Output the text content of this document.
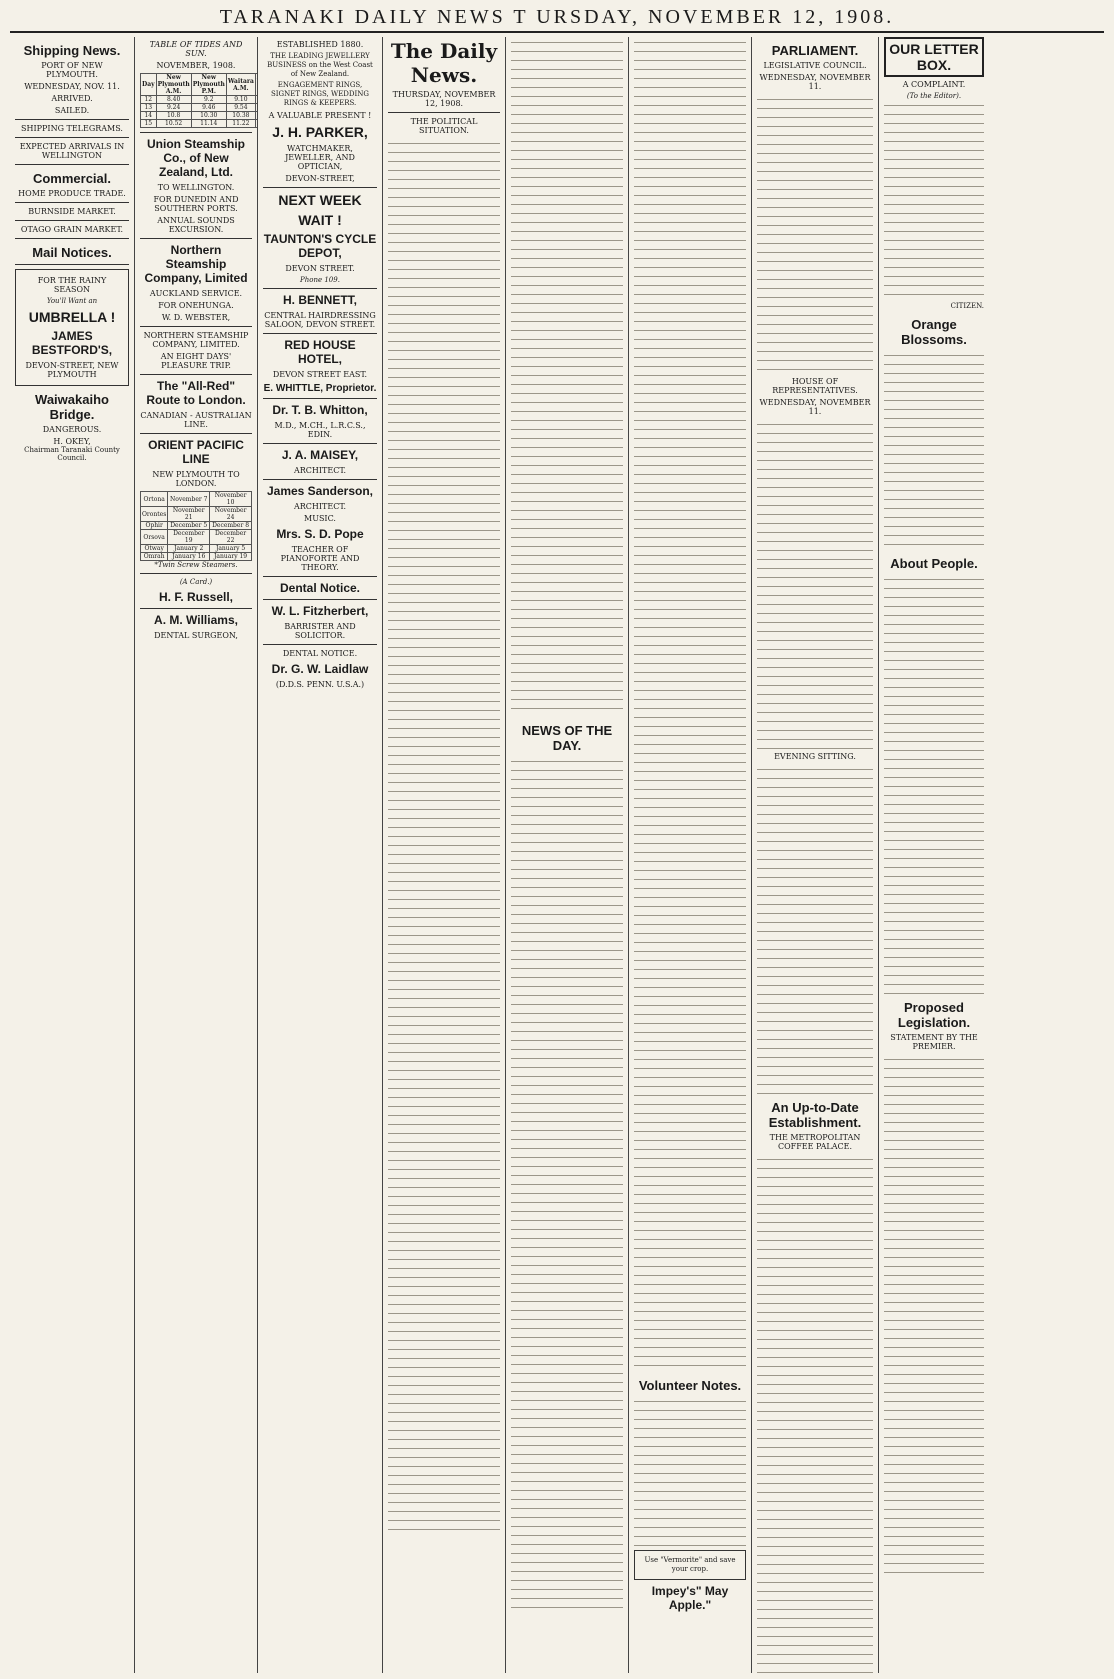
TARANAKI DAILY NEWS T URSDAY, NOVEMBER 12, 1908.
Shipping News.
PORT OF NEW PLYMOUTH.
WEDNESDAY, NOV. 11.
ARRIVED.
SAILED.
SHIPPING TELEGRAMS.
EXPECTED ARRIVALS IN WELLINGTON
Commercial.
HOME PRODUCE TRADE.
BURNSIDE MARKET.
OTAGO GRAIN MARKET.
Mail Notices.
FOR THE RAINY SEASON
You'll Want an
UMBRELLA !
JAMES BESTFORD'S,
DEVON-STREET, NEW PLYMOUTH
Waiwakaiho Bridge.
DANGEROUS.
H. OKEY,
Chairman Taranaki County Council.
TABLE OF TIDES AND SUN.
NOVEMBER, 1908.
Day	New Plymouth A.M.	New Plymouth P.M.	Waitara A.M.			
12	8.40	9.2	9.10			
13	9.24	9.46	9.54			
14	10.8	10.30	10.38			
15	10.52	11.14	11.22			
Union Steamship Co., of New Zealand, Ltd.
TO WELLINGTON.
FOR DUNEDIN AND SOUTHERN PORTS.
ANNUAL SOUNDS EXCURSION.
Northern Steamship Company, Limited
AUCKLAND SERVICE.
FOR ONEHUNGA.
W. D. WEBSTER,
NORTHERN STEAMSHIP COMPANY, LIMITED.
AN EIGHT DAYS' PLEASURE TRIP.
The "All-Red" Route to London.
CANADIAN - AUSTRALIAN LINE.
ORIENT PACIFIC LINE
NEW PLYMOUTH TO LONDON.
Ortona	November 7	November 10
Orontes	November 21	November 24
Ophir	December 5	December 8
Orsova	December 19	December 22
Otway	January 2	January 5
Omrah	January 16	January 19
*Twin Screw Steamers.
(A Card.)
H. F. Russell,
A. M. Williams,
DENTAL SURGEON,
ESTABLISHED 1880.
THE LEADING JEWELLERY BUSINESS on the West Coast of New Zealand.
ENGAGEMENT RINGS, SIGNET RINGS, WEDDING RINGS & KEEPERS.
A VALUABLE PRESENT !
J. H. PARKER,
WATCHMAKER, JEWELLER, AND OPTICIAN,
DEVON-STREET,
NEXT WEEK
WAIT !
TAUNTON'S CYCLE DEPOT,
DEVON STREET.
Phone 109.
H. BENNETT,
CENTRAL HAIRDRESSING SALOON, DEVON STREET.
RED HOUSE HOTEL,
DEVON STREET EAST.
E. WHITTLE, Proprietor.
Dr. T. B. Whitton,
M.D., M.CH., L.R.C.S., EDIN.
J. A. MAISEY,
ARCHITECT.
James Sanderson,
ARCHITECT.
MUSIC.
Mrs. S. D. Pope
TEACHER OF PIANOFORTE AND THEORY.
Dental Notice.
W. L. Fitzherbert,
BARRISTER AND SOLICITOR.
DENTAL NOTICE.
Dr. G. W. Laidlaw
(D.D.S. PENN. U.S.A.)
The Daily News.
THURSDAY, NOVEMBER 12, 1908.
THE POLITICAL SITUATION.
NEWS OF THE DAY.
Volunteer Notes.
Use "Vermorite" and save your crop.
Impey's" May Apple."
PARLIAMENT.
LEGISLATIVE COUNCIL.
WEDNESDAY, NOVEMBER 11.
HOUSE OF REPRESENTATIVES.
WEDNESDAY, NOVEMBER 11.
EVENING SITTING.
An Up-to-Date Establishment.
THE METROPOLITAN COFFEE PALACE.
OUR LETTER BOX.
A COMPLAINT.
(To the Editor).
CITIZEN.
Orange Blossoms.
About People.
Proposed Legislation.
STATEMENT BY THE PREMIER.
